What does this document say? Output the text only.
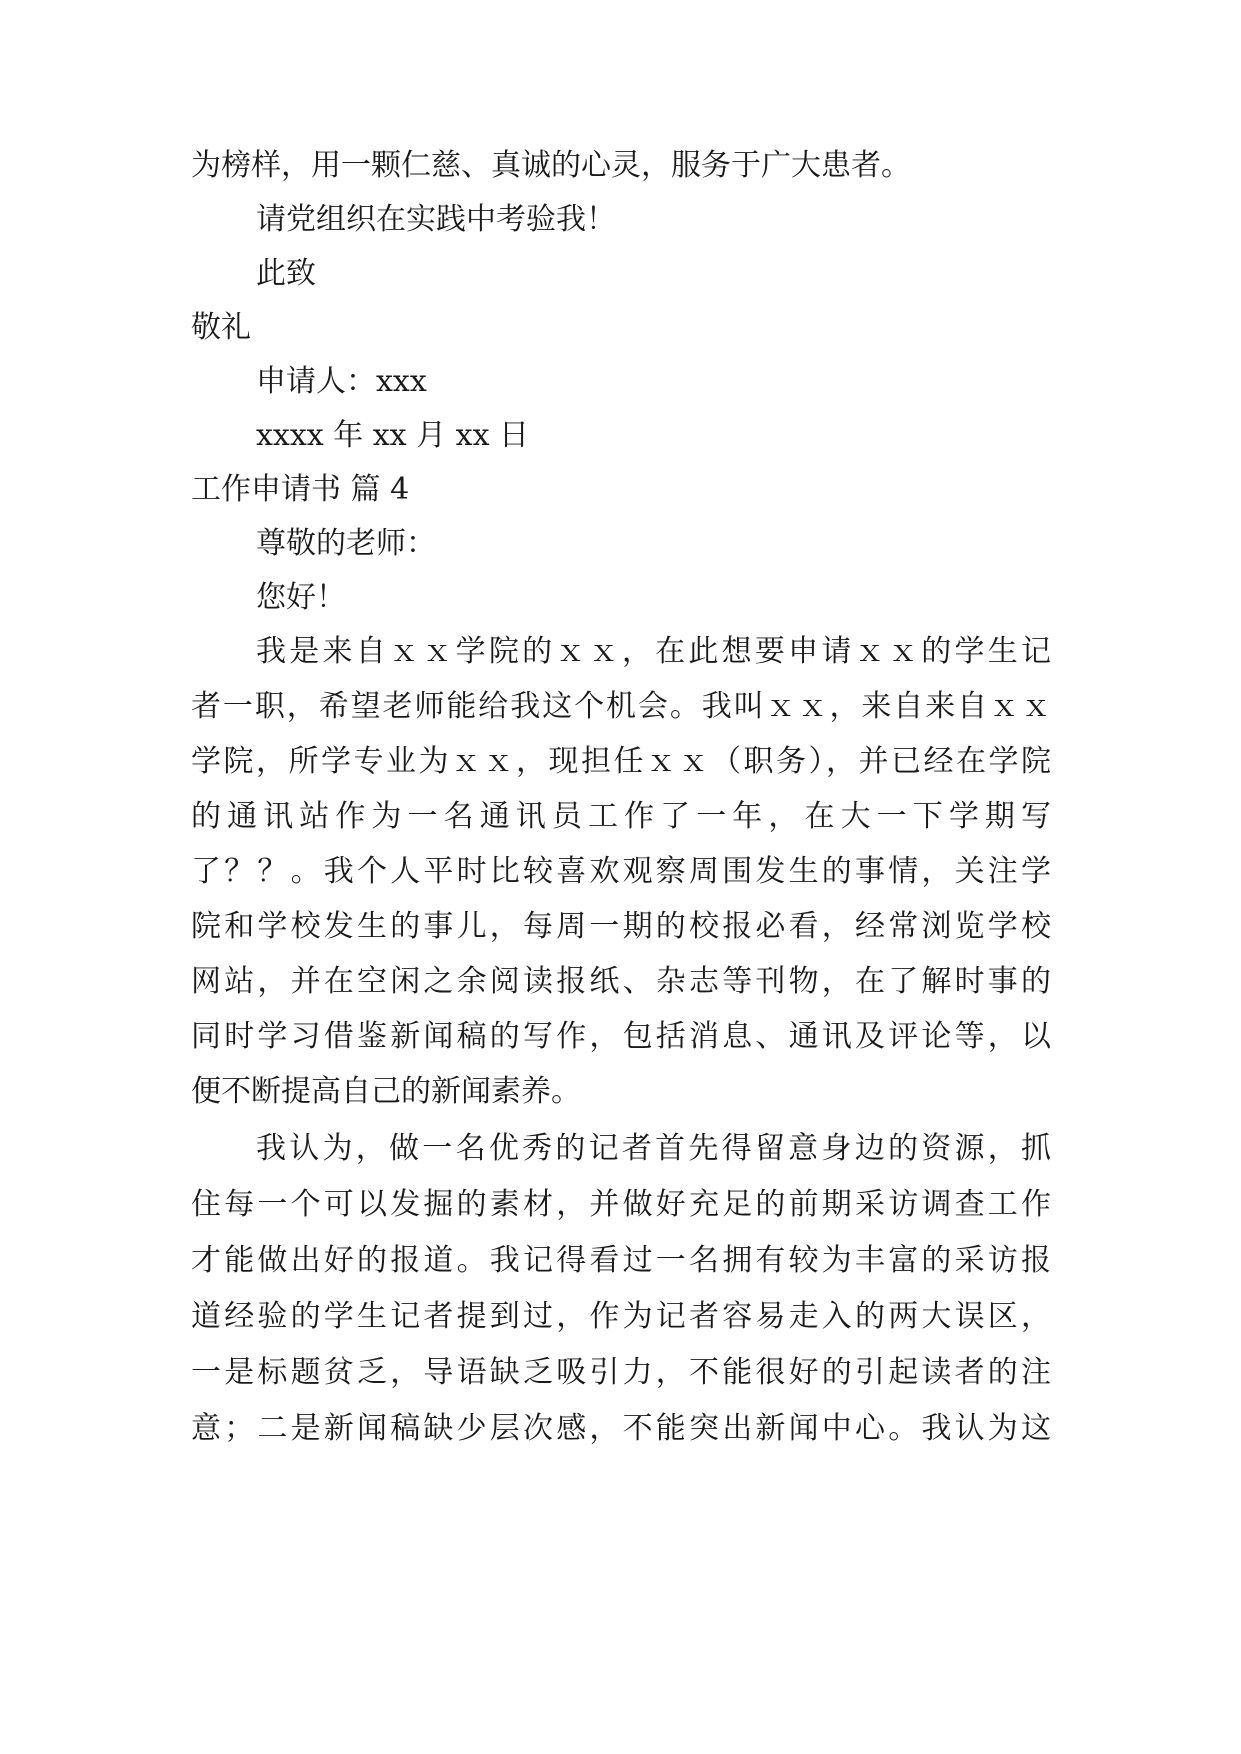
为榜样，用一颗仁慈、真诚的心灵，服务于广大患者。
请党组织在实践中考验我！
此致
敬礼
申请人：xxx
xxxx 年 xx 月 xx 日
工作申请书 篇 4
尊敬的老师：
您好！
我是来自ｘｘ学院的ｘｘ，在此想要申请ｘｘ的学生记
者一职，希望老师能给我这个机会。我叫ｘｘ，来自来自ｘｘ
学院，所学专业为ｘｘ，现担任ｘｘ（职务），并已经在学院
的通讯站作为一名通讯员工作了一年，在大一下学期写
了？？。我个人平时比较喜欢观察周围发生的事情，关注学
院和学校发生的事儿，每周一期的校报必看，经常浏览学校
网站，并在空闲之余阅读报纸、杂志等刊物，在了解时事的
同时学习借鉴新闻稿的写作，包括消息、通讯及评论等，以
便不断提高自己的新闻素养。
我认为，做一名优秀的记者首先得留意身边的资源，抓
住每一个可以发掘的素材，并做好充足的前期采访调查工作
才能做出好的报道。我记得看过一名拥有较为丰富的采访报
道经验的学生记者提到过，作为记者容易走入的两大误区，
一是标题贫乏，导语缺乏吸引力，不能很好的引起读者的注
意；二是新闻稿缺少层次感，不能突出新闻中心。我认为这
